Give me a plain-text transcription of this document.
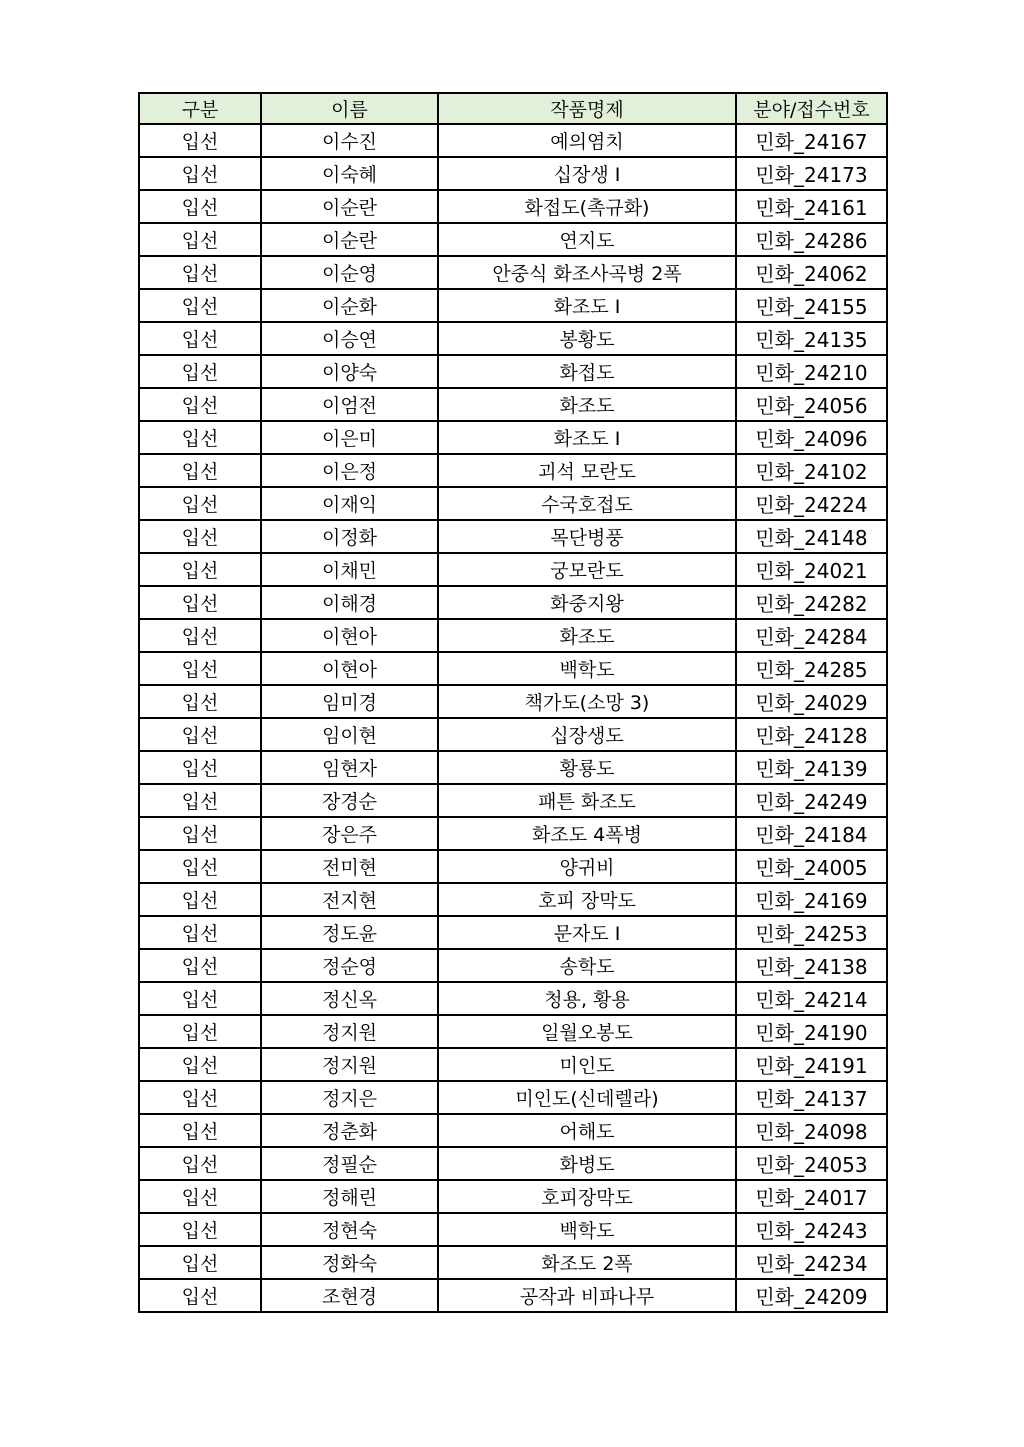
구분	이름	작품명제	분야/접수번호
입선	이수진	예의염치	민화_24167
입선	이숙혜	십장생 I	민화_24173
입선	이순란	화접도(촉규화)	민화_24161
입선	이순란	연지도	민화_24286
입선	이순영	안중식 화조사곡병 2폭	민화_24062
입선	이순화	화조도 I	민화_24155
입선	이승연	봉황도	민화_24135
입선	이양숙	화접도	민화_24210
입선	이엄전	화조도	민화_24056
입선	이은미	화조도 I	민화_24096
입선	이은정	괴석 모란도	민화_24102
입선	이재익	수국호접도	민화_24224
입선	이정화	목단병풍	민화_24148
입선	이채민	궁모란도	민화_24021
입선	이해경	화중지왕	민화_24282
입선	이현아	화조도	민화_24284
입선	이현아	백학도	민화_24285
입선	임미경	책가도(소망 3)	민화_24029
입선	임이현	십장생도	민화_24128
입선	임현자	황룡도	민화_24139
입선	장경순	패튼 화조도	민화_24249
입선	장은주	화조도 4폭병	민화_24184
입선	전미현	양귀비	민화_24005
입선	전지현	호피 장막도	민화_24169
입선	정도윤	문자도 I	민화_24253
입선	정순영	송학도	민화_24138
입선	정신옥	청용, 황용	민화_24214
입선	정지원	일월오봉도	민화_24190
입선	정지원	미인도	민화_24191
입선	정지은	미인도(신데렐라)	민화_24137
입선	정춘화	어해도	민화_24098
입선	정필순	화병도	민화_24053
입선	정해린	호피장막도	민화_24017
입선	정현숙	백학도	민화_24243
입선	정화숙	화조도 2폭	민화_24234
입선	조현경	공작과 비파나무	민화_24209
